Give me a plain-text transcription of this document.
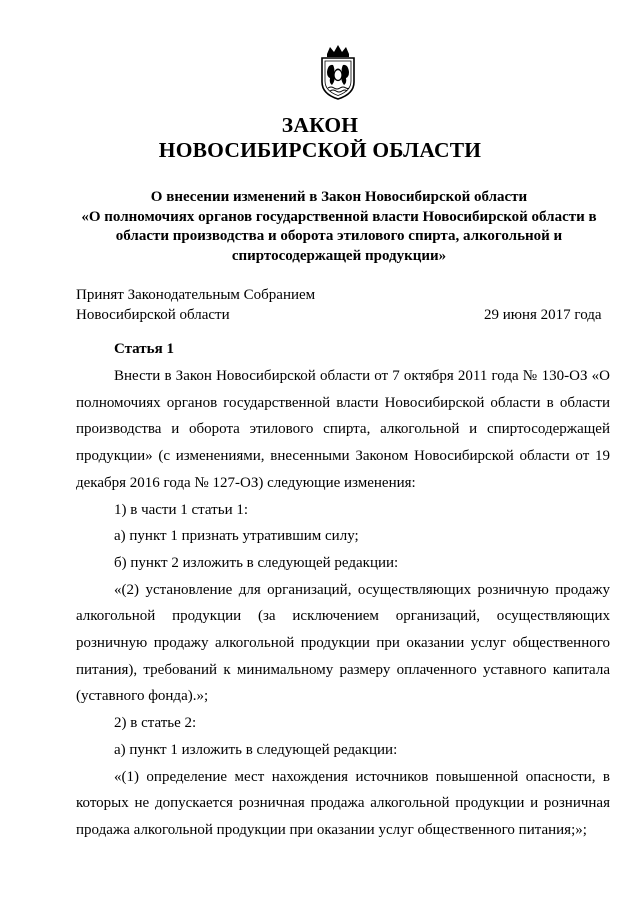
ЗАКОН
НОВОСИБИРСКОЙ ОБЛАСТИ
О внесении изменений в Закон Новосибирской области
«О полномочиях органов государственной власти Новосибирской области в
области производства и оборота этилового спирта, алкогольной и
спиртосодержащей продукции»
Принят Законодательным Собранием
Новосибирской области	29 июня 2017 года
Статья 1

Внести в Закон Новосибирской области от 7 октября 2011 года № 130-ОЗ «О полномочиях органов государственной власти Новосибирской области в области производства и оборота этилового спирта, алкогольной и спиртосодержащей продукции» (с изменениями, внесенными Законом Новосибирской области от 19 декабря 2016 года № 127-ОЗ) следующие изменения:

1) в части 1 статьи 1:

а) пункт 1 признать утратившим силу;

б) пункт 2 изложить в следующей редакции:

«(2) установление для организаций, осуществляющих розничную продажу алкогольной продукции (за исключением организаций, осуществляющих розничную продажу алкогольной продукции при оказании услуг общественного питания), требований к минимальному размеру оплаченного уставного капитала (уставного фонда).»;

2) в статье 2:

а) пункт 1 изложить в следующей редакции:

«(1) определение мест нахождения источников повышенной опасности, в которых не допускается розничная продажа алкогольной продукции и розничная продажа алкогольной продукции при оказании услуг общественного питания;»;
